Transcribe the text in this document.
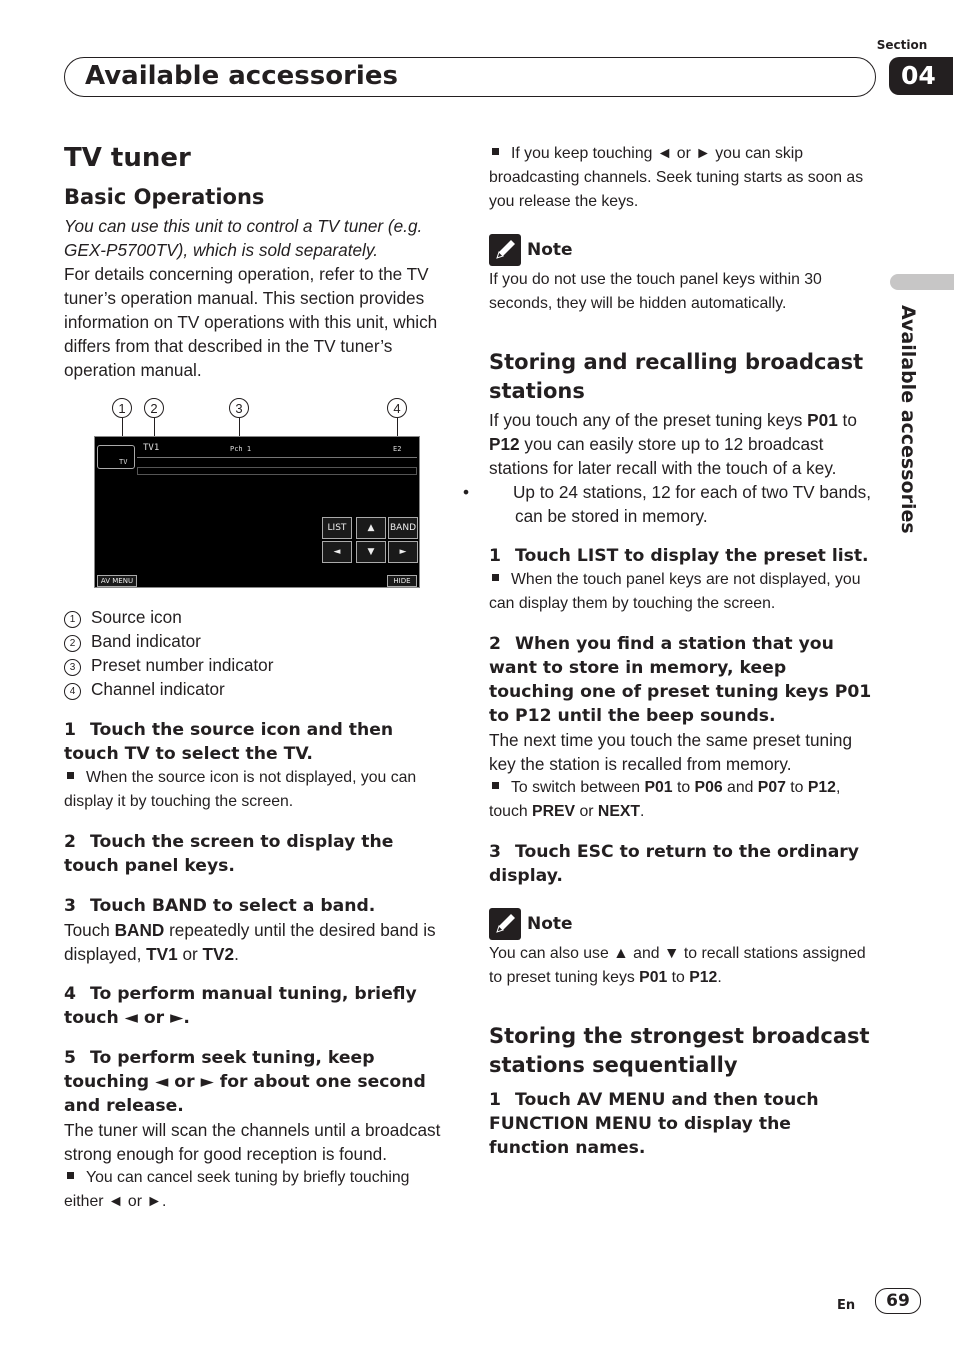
Available accessories
Section
04
Available accessories
TV tuner
Basic Operations

You can use this unit to control a TV tuner (e.g. GEX-P5700TV), which is sold separately.

For details concerning operation, refer to the TV tuner’s operation manual. This section provides information on TV operations with this unit, which differs from that described in the TV tuner’s operation manual.

1	2	3	4
TV
TV1	Pch 1	E2
LIST	▲	BAND
◄	▼	►
AV MENU	HIDE
1 Source icon
2 Band indicator
3 Preset number indicator
4 Channel indicator
1 Touch the source icon and then touch TV to select the TV.

When the source icon is not displayed, you can display it by touching the screen.

2 Touch the screen to display the touch panel keys.
3 Touch BAND to select a band.

Touch BAND repeatedly until the desired band is displayed, TV1 or TV2.

4 To perform manual tuning, briefly touch ◄ or ►.
5 To perform seek tuning, keep touching ◄ or ► for about one second and release.

The tuner will scan the channels until a broadcast strong enough for good reception is found.

You can cancel seek tuning by briefly touching either ◄ or ►.

If you keep touching ◄ or ► you can skip broadcasting channels. Seek tuning starts as soon as you release the keys.

Note

If you do not use the touch panel keys within 30 seconds, they will be hidden automatically.

Storing and recalling broadcast stations

If you touch any of the preset tuning keys P01 to P12 you can easily store up to 12 broadcast stations for later recall with the touch of a key.

•	Up to 24 stations, 12 for each of two TV bands, can be stored in memory.

1 Touch LIST to display the preset list.

When the touch panel keys are not displayed, you can display them by touching the screen.

2 When you find a station that you want to store in memory, keep touching one of preset tuning keys P01 to P12 until the beep sounds.

The next time you touch the same preset tuning key the station is recalled from memory.

To switch between P01 to P06 and P07 to P12, touch PREV or NEXT.

3 Touch ESC to return to the ordinary display.
Note

You can also use ▲ and ▼ to recall stations assigned to preset tuning keys P01 to P12.

Storing the strongest broadcast stations sequentially
1 Touch AV MENU and then touch FUNCTION MENU to display the function names.
En	69
